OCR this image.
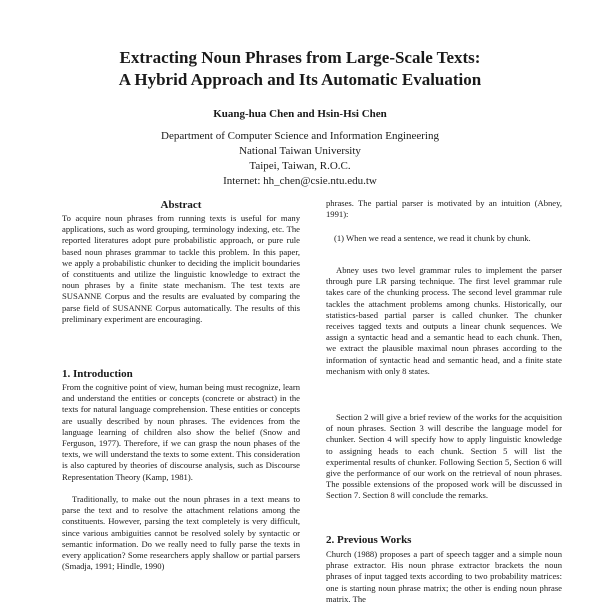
Extracting Noun Phrases from Large-Scale Texts:
A Hybrid Approach and Its Automatic Evaluation
Kuang-hua Chen and Hsin-Hsi Chen
Department of Computer Science and Information Engineering
National Taiwan University
Taipei, Taiwan, R.O.C.
Internet: hh_chen@csie.ntu.edu.tw
Abstract

To acquire noun phrases from running texts is useful for many applications, such as word grouping, terminology indexing, etc. The reported literatures adopt pure probabilistic approach, or pure rule based noun phrases grammar to tackle this problem. In this paper, we apply a probabilistic chunker to deciding the implicit boundaries of constituents and utilize the linguistic knowledge to extract the noun phrases by a finite state mechanism. The test texts are SUSANNE Corpus and the results are evaluated by comparing the parse field of SUSANNE Corpus automatically. The results of this preliminary experiment are encouraging.

1. Introduction

From the cognitive point of view, human being must recognize, learn and understand the entities or concepts (concrete or abstract) in the texts for natural language comprehension. These entities or concepts are usually described by noun phrases. The evidences from the language learning of children also show the belief (Snow and Ferguson, 1977). Therefore, if we can grasp the noun phases of the texts, we will understand the texts to some extent. This consideration is also captured by theories of discourse analysis, such as Discourse Representation Theory (Kamp, 1981).

Traditionally, to make out the noun phrases in a text means to parse the text and to resolve the attachment relations among the constituents. However, parsing the text completely is very difficult, since various ambiguities cannot be resolved solely by syntactic or semantic information. Do we really need to fully parse the texts in every application? Some researchers apply shallow or partial parsers (Smadja, 1991; Hindle, 1990)

phrases. The partial parser is motivated by an intuition (Abney, 1991):

(1) When we read a sentence, we read it chunk by chunk.

Abney uses two level grammar rules to implement the parser through pure LR parsing technique. The first level grammar rule takes care of the chunking process. The second level grammar rule tackles the attachment problems among chunks. Historically, our statistics-based partial parser is called chunker. The chunker receives tagged texts and outputs a linear chunk sequences. We assign a syntactic head and a semantic head to each chunk. Then, we extract the plausible maximal noun phrases according to the information of syntactic head and semantic head, and a finite state mechanism with only 8 states.

Section 2 will give a brief review of the works for the acquisition of noun phrases. Section 3 will describe the language model for chunker. Section 4 will specify how to apply linguistic knowledge to assigning heads to each chunk. Section 5 will list the experimental results of chunker. Following Section 5, Section 6 will give the performance of our work on the retrieval of noun phrases. The possible extensions of the proposed work will be discussed in Section 7. Section 8 will conclude the remarks.

2. Previous Works

Church (1988) proposes a part of speech tagger and a simple noun phrase extractor. His noun phrase extractor brackets the noun phrases of input tagged texts according to two probability matrices: one is starting noun phrase matrix; the other is ending noun phrase matrix. The
